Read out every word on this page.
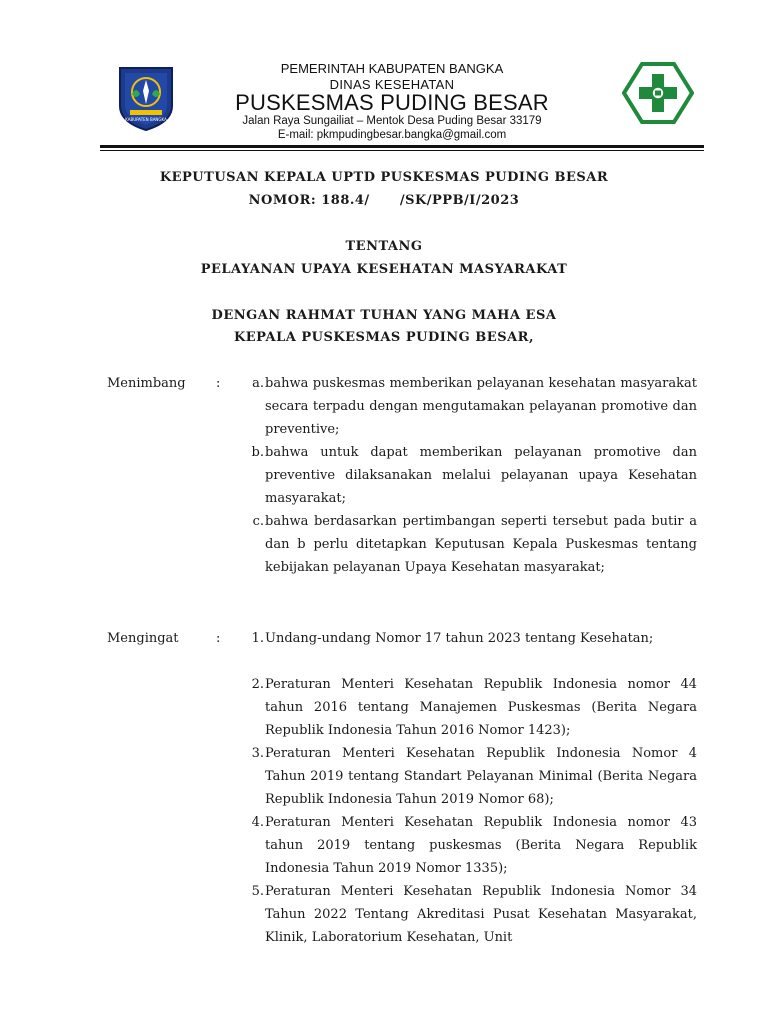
KABUPATEN BANGKA
PEMERINTAH KABUPATEN BANGKA
DINAS KESEHATAN
PUSKESMAS PUDING BESAR
Jalan Raya Sungailiat – Mentok Desa Puding Besar 33179
E-mail: pkmpudingbesar.bangka@gmail.com
KEPUTUSAN KEPALA UPTD PUSKESMAS PUDING BESAR
NOMOR: 188.4/      /SK/PPB/I/2023
TENTANG
PELAYANAN UPAYA KESEHATAN MASYARAKAT
DENGAN RAHMAT TUHAN YANG MAHA ESA
KEPALA PUSKESMAS PUDING BESAR,
Menimbang :	a. bahwa puskesmas memberikan pelayanan kesehatan masyarakat secara terpadu dengan mengutamakan pelayanan promotive dan preventive;

b. bahwa untuk dapat memberikan pelayanan promotive dan preventive dilaksanakan melalui pelayanan upaya Kesehatan masyarakat;

c. bahwa berdasarkan pertimbangan seperti tersebut pada butir a dan b perlu ditetapkan Keputusan Kepala Puskesmas tentang kebijakan pelayanan Upaya Kesehatan masyarakat;

Mengingat	:	1. Undang-undang Nomor 17 tahun 2023 tentang Kesehatan;

2. Peraturan Menteri Kesehatan Republik Indonesia nomor 44 tahun 2016 tentang Manajemen Puskesmas (Berita Negara Republik Indonesia Tahun 2016 Nomor 1423);

3. Peraturan Menteri Kesehatan Republik Indonesia Nomor 4 Tahun 2019 tentang Standart Pelayanan Minimal (Berita Negara Republik Indonesia Tahun 2019 Nomor 68);

4. Peraturan Menteri Kesehatan Republik Indonesia nomor 43 tahun 2019 tentang puskesmas (Berita Negara Republik Indonesia Tahun 2019 Nomor 1335);

5. Peraturan Menteri Kesehatan Republik Indonesia Nomor 34 Tahun 2022 Tentang Akreditasi Pusat Kesehatan Masyarakat, Klinik, Laboratorium Kesehatan, Unit
